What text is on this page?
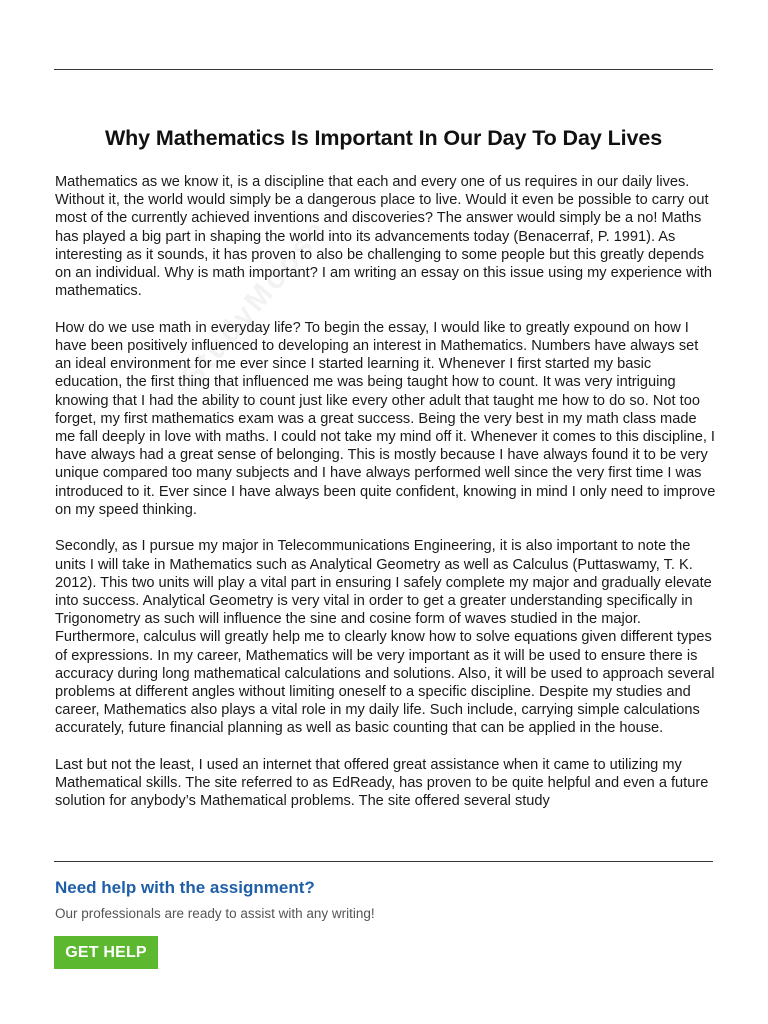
Why Mathematics Is Important In Our Day To Day Lives
StudyMoose

Mathematics as we know it, is a discipline that each and every one of us requires in our daily lives. Without it, the world would simply be a dangerous place to live. Would it even be possible to carry out most of the currently achieved inventions and discoveries? The answer would simply be a no! Maths has played a big part in shaping the world into its advancements today (Benacerraf, P. 1991). As interesting as it sounds, it has proven to also be challenging to some people but this greatly depends on an individual. Why is math important? I am writing an essay on this issue using my experience with mathematics.

How do we use math in everyday life? To begin the essay, I would like to greatly expound on how I have been positively influenced to developing an interest in Mathematics. Numbers have always set an ideal environment for me ever since I started learning it. Whenever I first started my basic education, the first thing that influenced me was being taught how to count. It was very intriguing knowing that I had the ability to count just like every other adult that taught me how to do so. Not too forget, my first mathematics exam was a great success. Being the very best in my math class made me fall deeply in love with maths. I could not take my mind off it. Whenever it comes to this discipline, I have always had a great sense of belonging. This is mostly because I have always found it to be very unique compared too many subjects and I have always performed well since the very first time I was introduced to it. Ever since I have always been quite confident, knowing in mind I only need to improve on my speed thinking.

Secondly, as I pursue my major in Telecommunications Engineering, it is also important to note the units I will take in Mathematics such as Analytical Geometry as well as Calculus (Puttaswamy, T. K. 2012). This two units will play a vital part in ensuring I safely complete my major and gradually elevate into success. Analytical Geometry is very vital in order to get a greater understanding specifically in Trigonometry as such will influence the sine and cosine form of waves studied in the major. Furthermore, calculus will greatly help me to clearly know how to solve equations given different types of expressions. In my career, Mathematics will be very important as it will be used to ensure there is accuracy during long mathematical calculations and solutions. Also, it will be used to approach several problems at different angles without limiting oneself to a specific discipline. Despite my studies and career, Mathematics also plays a vital role in my daily life. Such include, carrying simple calculations accurately, future financial planning as well as basic counting that can be applied in the house.

Last but not the least, I used an internet that offered great assistance when it came to utilizing my Mathematical skills. The site referred to as EdReady, has proven to be quite helpful and even a future solution for anybody’s Mathematical problems. The site offered several study

Need help with the assignment?

Our professionals are ready to assist with any writing!

GET HELP
